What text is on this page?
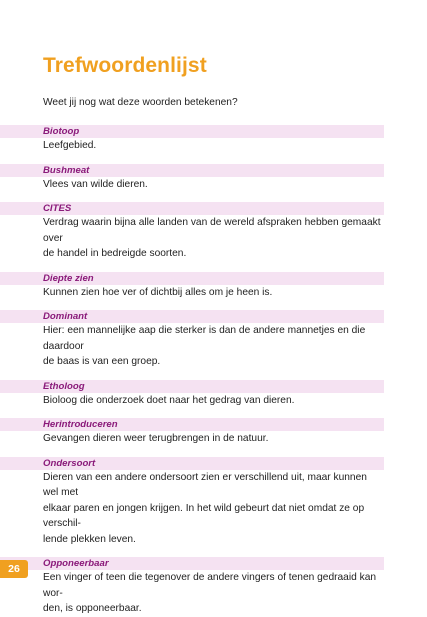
Trefwoordenlijst
Weet jij nog wat deze woorden betekenen?
Biotoop
Leefgebied.
Bushmeat
Vlees van wilde dieren.
CITES
Verdrag waarin bijna alle landen van de wereld afspraken hebben gemaakt over
de handel in bedreigde soorten.
Diepte zien
Kunnen zien hoe ver of dichtbij alles om je heen is.
Dominant
Hier: een mannelijke aap die sterker is dan de andere mannetjes en die daardoor
de baas is van een groep.
Etholoog
Bioloog die onderzoek doet naar het gedrag van dieren.
Herintroduceren
Gevangen dieren weer terugbrengen in de natuur.
Ondersoort
Dieren van een andere ondersoort zien er verschillend uit, maar kunnen wel met
elkaar paren en jongen krijgen. In het wild gebeurt dat niet omdat ze op verschil-
lende plekken leven.
Opponeerbaar
Een vinger of teen die tegenover de andere vingers of tenen gedraaid kan wor-
den, is opponeerbaar.
26
